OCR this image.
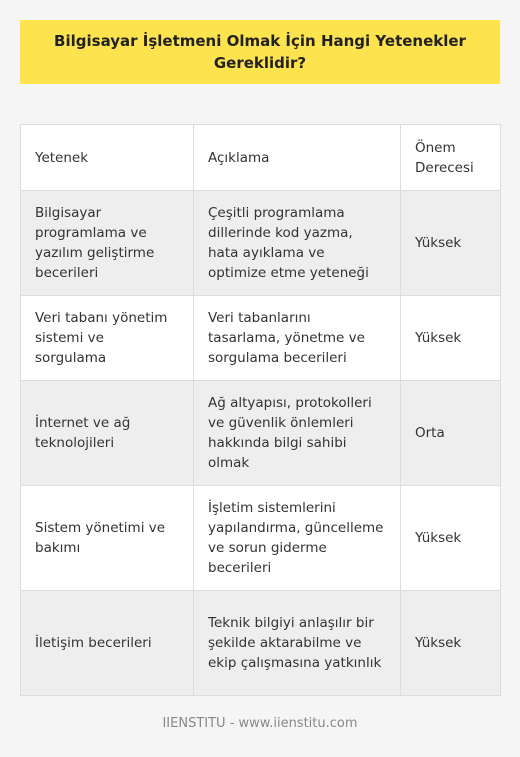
Bilgisayar İşletmeni Olmak İçin Hangi Yetenekler Gereklidir?
Yetenek	Açıklama	Önem Derecesi
Bilgisayar programlama ve yazılım geliştirme becerileri	Çeşitli programlama dillerinde kod yazma, hata ayıklama ve optimize etme yeteneği	Yüksek
Veri tabanı yönetim sistemi ve sorgulama	Veri tabanlarını tasarlama, yönetme ve sorgulama becerileri	Yüksek
İnternet ve ağ teknolojileri	Ağ altyapısı, protokolleri ve güvenlik önlemleri hakkında bilgi sahibi olmak	Orta
Sistem yönetimi ve bakımı	İşletim sistemlerini yapılandırma, güncelleme ve sorun giderme becerileri	Yüksek
İletişim becerileri	Teknik bilgiyi anlaşılır bir şekilde aktarabilme ve ekip çalışmasına yatkınlık	Yüksek
IIENSTITU - www.iienstitu.com
